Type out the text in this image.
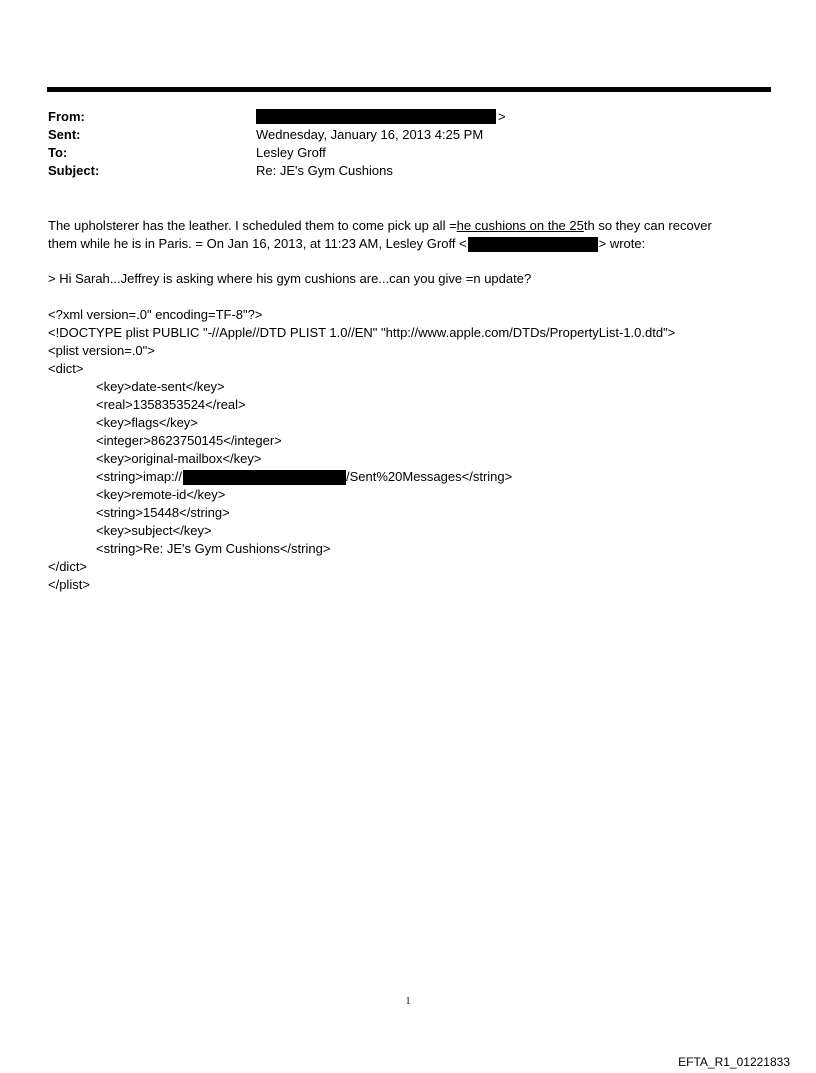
From:	>
Sent:	Wednesday, January 16, 2013 4:25 PM
To:	Lesley Groff
Subject:	Re: JE's Gym Cushions
The upholsterer has the leather. I scheduled them to come pick up all =he cushions on the 25th so they can recover
them while he is in Paris. = On Jan 16, 2013, at 11:23 AM, Lesley Groff <	> wrote:
> Hi Sarah...Jeffrey is asking where his gym cushions are...can you give =n update?
<?xml version=.0" encoding=TF-8"?>
<!DOCTYPE plist PUBLIC "-//Apple//DTD PLIST 1.0//EN" "http://www.apple.com/DTDs/PropertyList-1.0.dtd">
<plist version=.0">
<dict>
<key>date-sent</key>
<real>1358353524</real>
<key>flags</key>
<integer>8623750145</integer>
<key>original-mailbox</key>
<string>imap://	/Sent%20Messages</string>
<key>remote-id</key>
<string>15448</string>
<key>subject</key>
<string>Re: JE's Gym Cushions</string>
</dict>
</plist>
1
EFTA_R1_01221833
